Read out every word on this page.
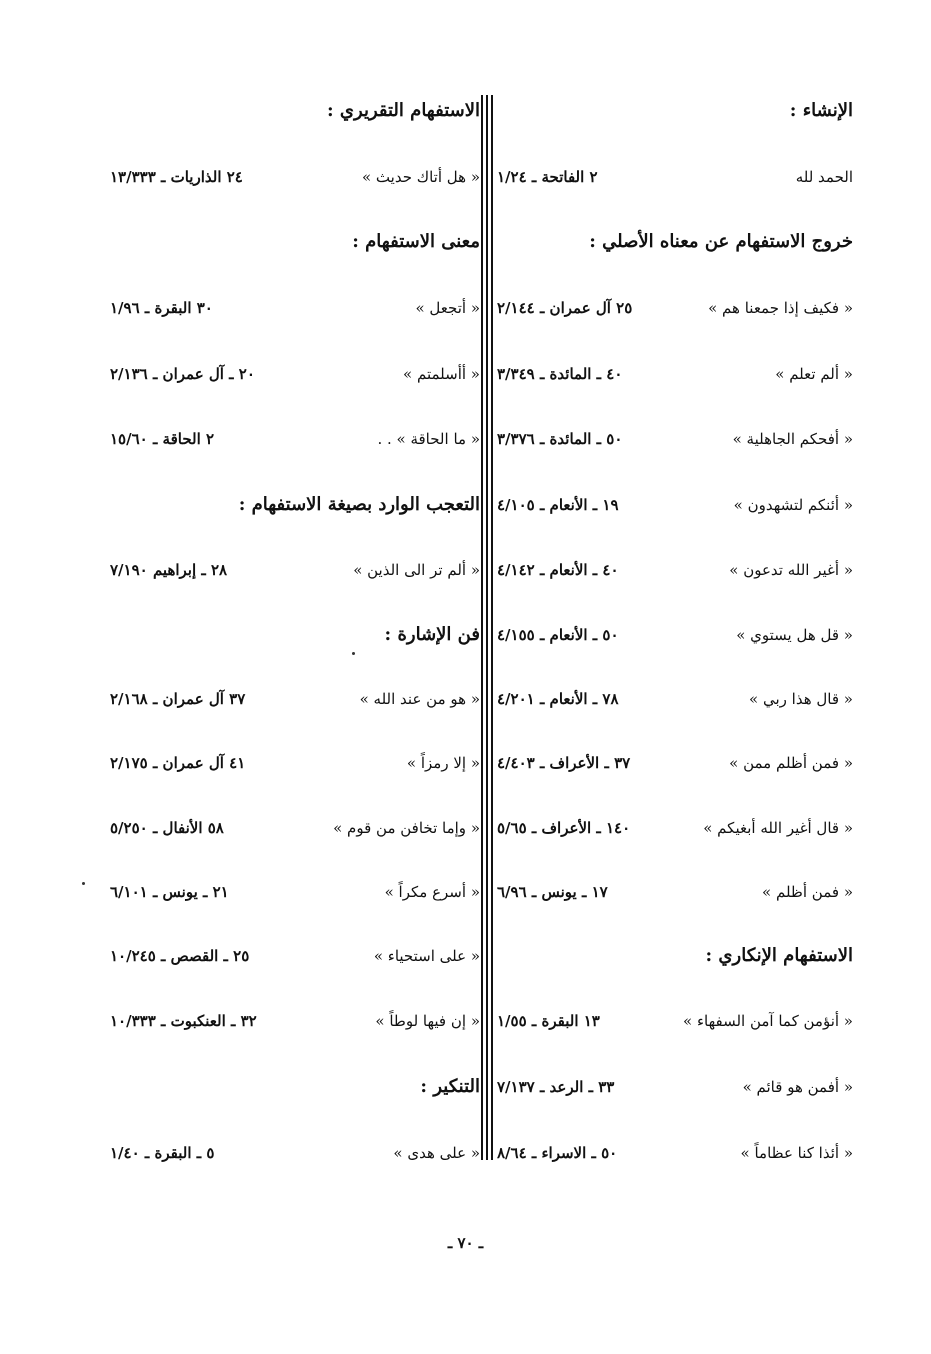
الإنشاء :
الحمد لله
٢ الفاتحة ـ ١/٢٤
خروج الاستفهام عن معناه الأصلي :
« فكيف إذا جمعنا هم »
٢٥ آل عمران ـ ٢/١٤٤
« ألم تعلم »
٤٠ ـ المائدة ـ ٣/٣٤٩
« أفحكم الجاهلية »
٥٠ ـ المائدة ـ ٣/٣٧٦
« أئنكم لتشهدون »
١٩ ـ الأنعام ـ ٤/١٠٥
« أغير الله تدعون »
٤٠ ـ الأنعام ـ ٤/١٤٢
« قل هل يستوي »
٥٠ ـ الأنعام ـ ٤/١٥٥
« قال هذا ربي »
٧٨ ـ الأنعام ـ ٤/٢٠١
« فمن أظلم ممن »
٣٧ ـ الأعراف ـ ٤/٤٠٣
« قال أغير الله أبغيكم »
١٤٠ ـ الأعراف ـ ٥/٦٥
« فمن أظلم »
١٧ ـ يونس ـ ٦/٩٦
الاستفهام الإنكاري :
« أنؤمن كما آمن السفهاء »
١٣ البقرة ـ ١/٥٥
« أفمن هو قائم »
٣٣ ـ الرعد ـ ٧/١٣٧
« أئذا كنا عظاماً »
٥٠ ـ الاسراء ـ ٨/٦٤
الاستفهام التقريري :
« هل أتاك حديث »
٢٤ الذاريات ـ ١٣/٣٣٣
معنى الاستفهام :
« أتجعل »
٣٠ البقرة ـ ١/٩٦
« أأسلمتم »
٢٠ ـ آل عمران ـ ٢/١٣٦
« ما الحاقة » . .
٢ الحاقة ـ ١٥/٦٠
التعجب الوارد بصيغة الاستفهام :
« ألم تر الى الذين »
٢٨ ـ إبراهيم ٧/١٩٠
فن الإشارة :
« هو من عند الله »
٣٧ آل عمران ـ ٢/١٦٨
« إلا رمزاً »
٤١ آل عمران ـ ٢/١٧٥
« وإما تخافن من قوم »
٥٨ الأنفال ـ ٥/٢٥٠
« أسرع مكراً »
٢١ ـ يونس ـ ٦/١٠١
« على استحياء »
٢٥ ـ القصص ـ ١٠/٢٤٥
« إن فيها لوطاً »
٣٢ ـ العنكبوت ـ ١٠/٣٣٣
التنكير :
« على هدى »
٥ ـ البقرة ـ ١/٤٠
ـ ٧٠ ـ
